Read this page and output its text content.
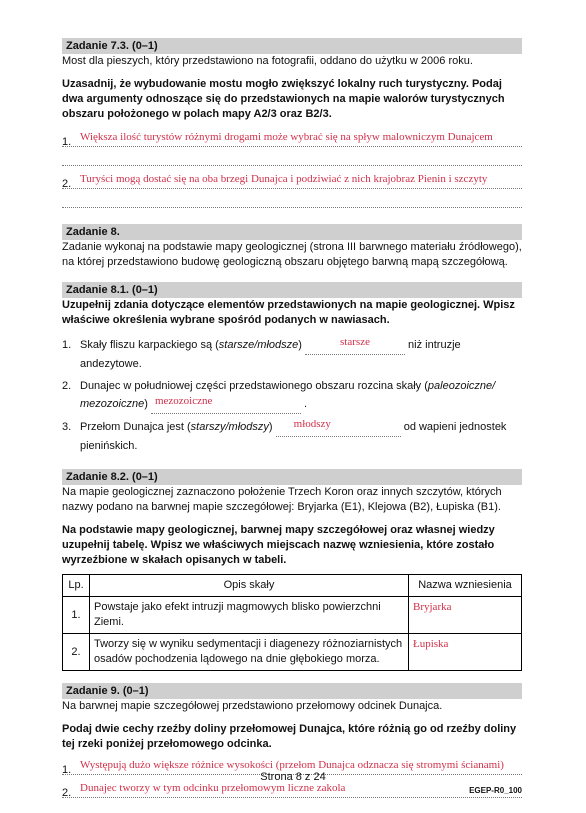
Zadanie 7.3. (0–1)

Most dla pieszych, który przedstawiono na fotografii, oddano do użytku w 2006 roku.

Uzasadnij, że wybudowanie mostu mogło zwiększyć lokalny ruch turystyczny. Podaj dwa argumenty odnoszące się do przedstawionych na mapie walorów turystycznych obszaru położonego w polach mapy A2/3 oraz B2/3.

1. Większa ilość turystów różnymi drogami może wybrać się na spływ malowniczym Dunajcem
2. Turyści mogą dostać się na oba brzegi Dunajca i podziwiać z nich krajobraz Pienin i szczyty
Zadanie 8.

Zadanie wykonaj na podstawie mapy geologicznej (strona III barwnego materiału źródłowego), na której przedstawiono budowę geologiczną obszaru objętego barwną mapą szczegółową.

Zadanie 8.1. (0–1)

Uzupełnij zdania dotyczące elementów przedstawionych na mapie geologicznej. Wpisz właściwe określenia wybrane spośród podanych w nawiasach.

1. Skały fliszu karpackiego są (starsze/młodsze)	starsze	niż intruzje andezytowe.
2. Dunajec w południowej części przedstawionego obszaru rozcina skały (paleozoiczne/ mezozoiczne) mezozoiczne	.
3. Przełom Dunajca jest (starszy/młodszy) młodszy	od wapieni jednostek pienińskich.
Zadanie 8.2. (0–1)

Na mapie geologicznej zaznaczono położenie Trzech Koron oraz innych szczytów, których nazwy podano na barwnej mapie szczegółowej: Bryjarka (E1), Klejowa (B2), Łupiska (B1).

Na podstawie mapy geologicznej, barwnej mapy szczegółowej oraz własnej wiedzy uzupełnij tabelę. Wpisz we właściwych miejscach nazwę wzniesienia, które zostało wyrzeźbione w skałach opisanych w tabeli.

Lp.	Opis skały	Nazwa wzniesienia
1.	Powstaje jako efekt intruzji magmowych blisko powierzchni Ziemi.	Bryjarka
2.	Tworzy się w wyniku sedymentacji i diagenezy różnoziarnistych osadów pochodzenia lądowego na dnie głębokiego morza.	Łupiska
Zadanie 9. (0–1)

Na barwnej mapie szczegółowej przedstawiono przełomowy odcinek Dunajca.

Podaj dwie cechy rzeźby doliny przełomowej Dunajca, które różnią go od rzeźby doliny tej rzeki poniżej przełomowego odcinka.

1. Występują dużo większe różnice wysokości (przełom Dunajca odznacza się stromymi ścianami)
2. Dunajec tworzy w tym odcinku przełomowym liczne zakola
Strona 8 z 24
EGEP-R0_100
